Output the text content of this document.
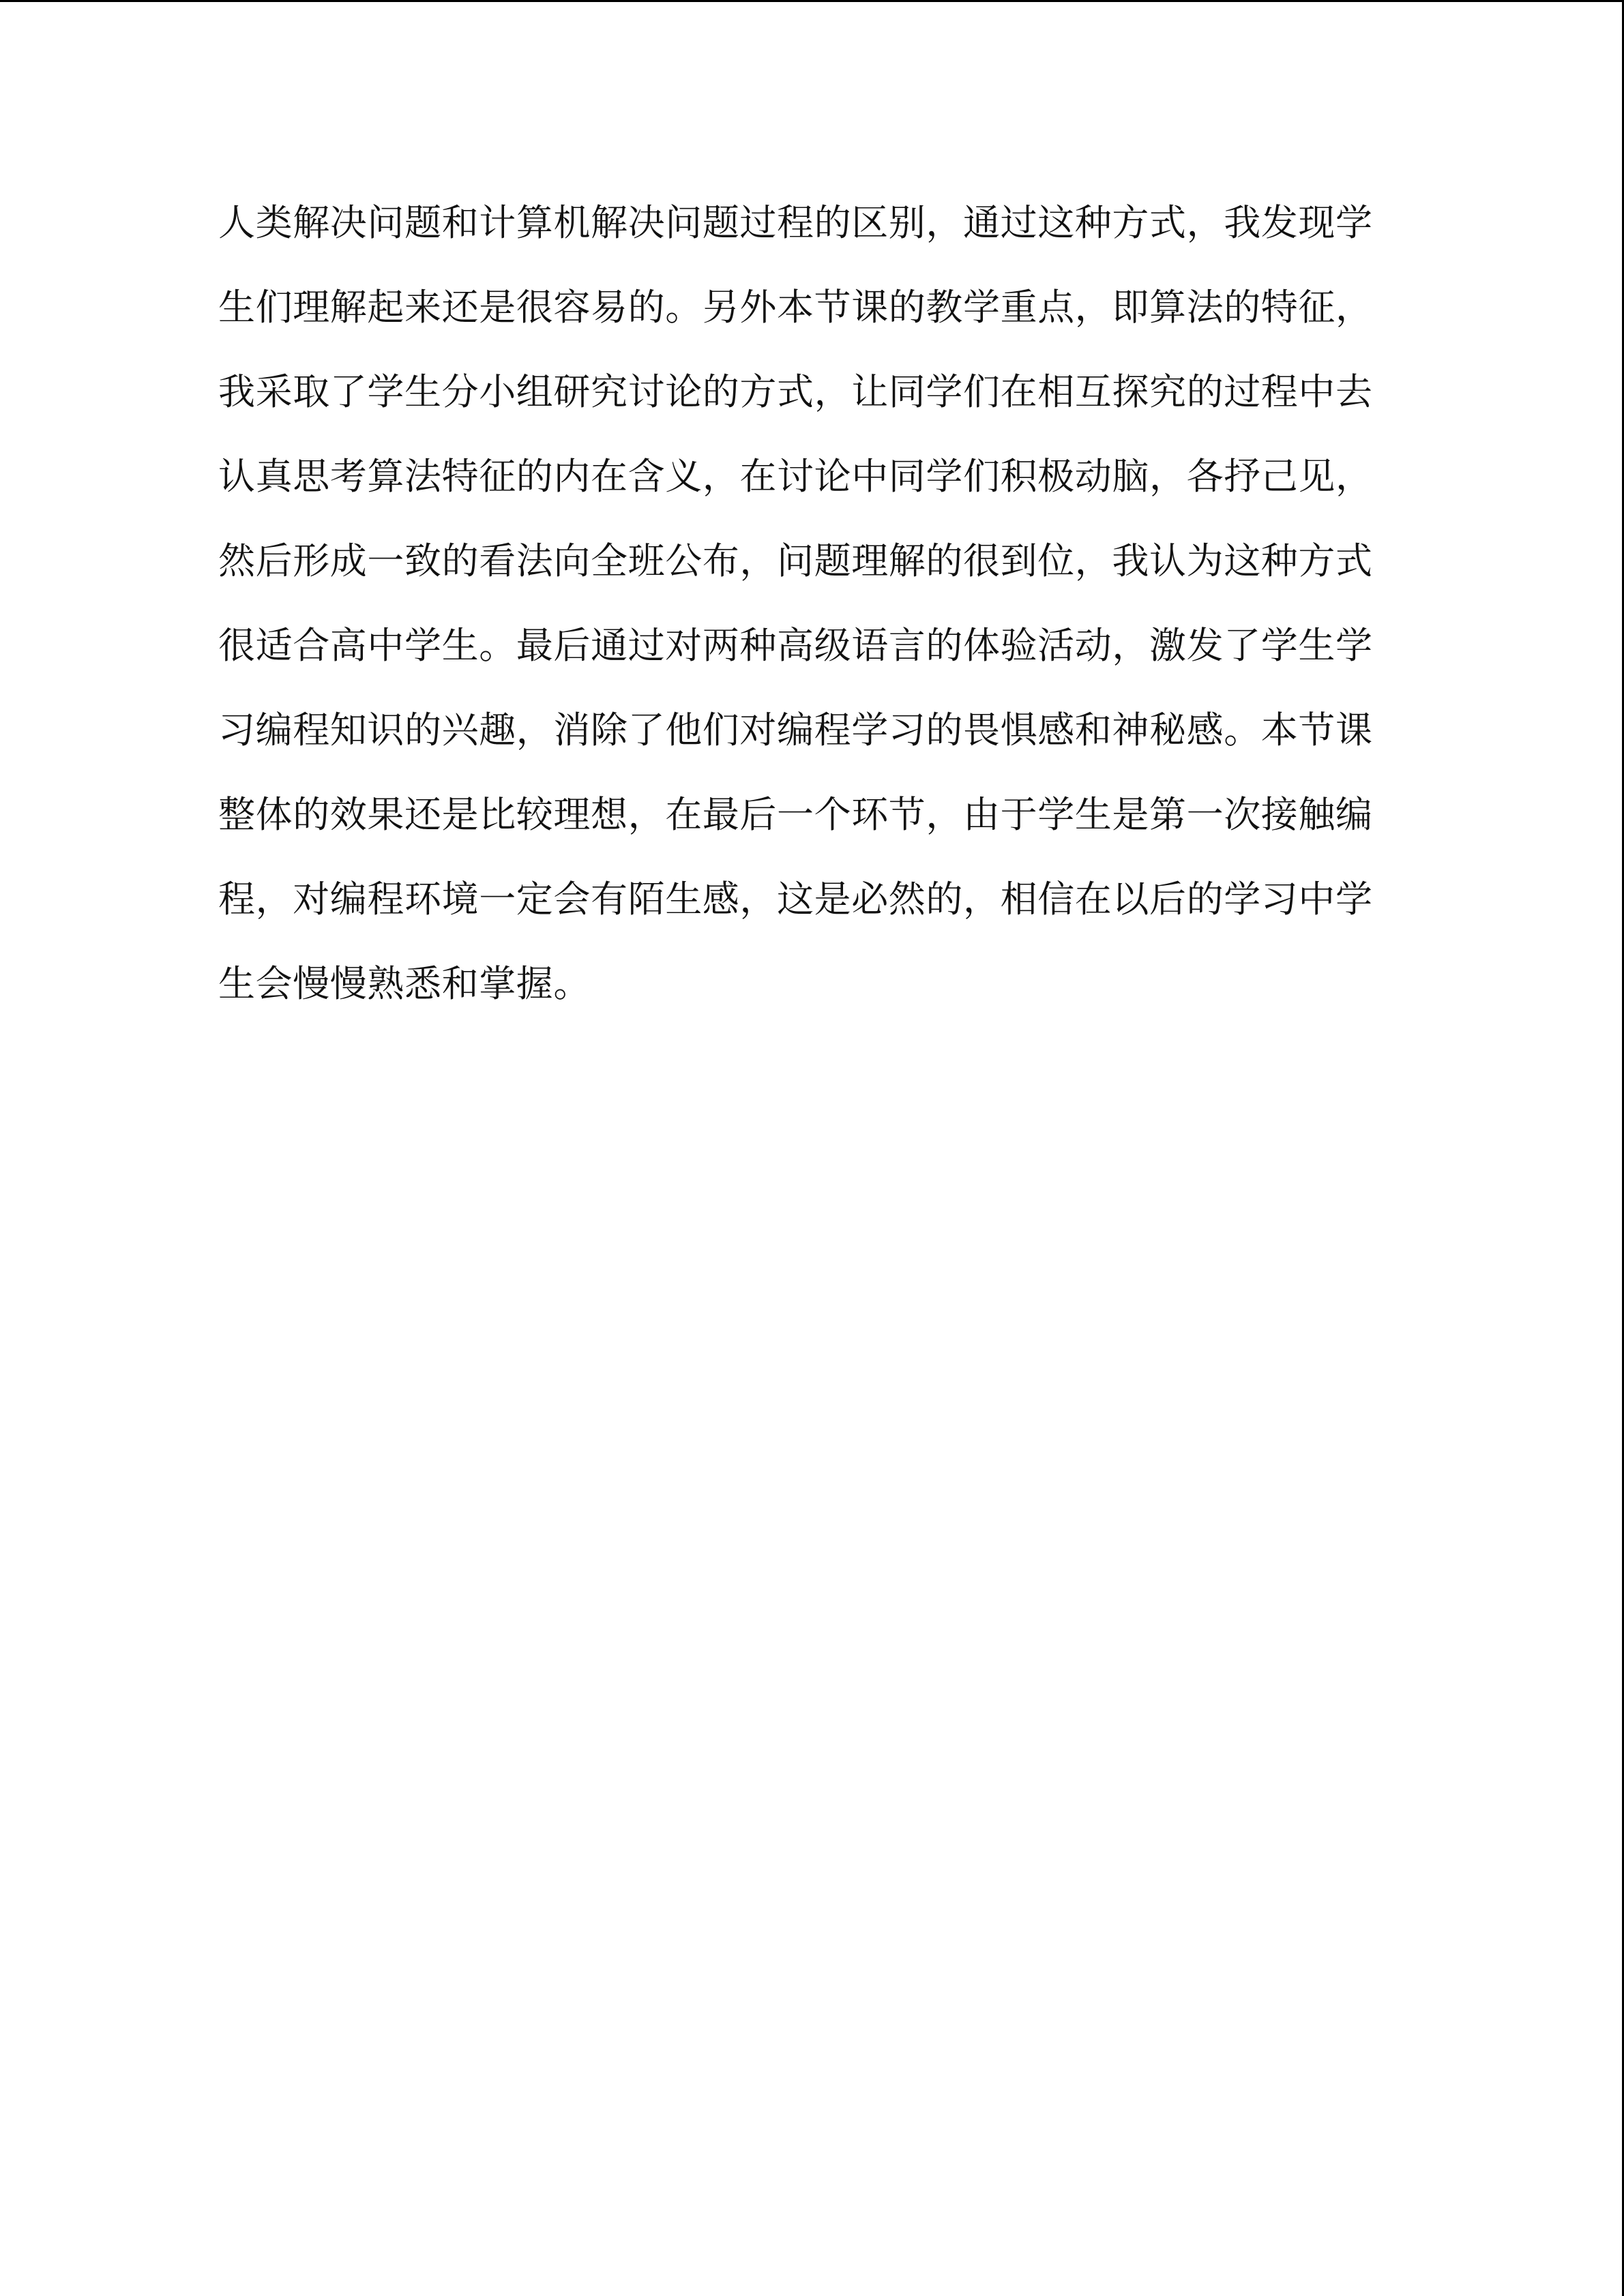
人类解决问题和计算机解决问题过程的区别，通过这种方式，我发现学
生们理解起来还是很容易的。另外本节课的教学重点，即算法的特征，
我采取了学生分小组研究讨论的方式，让同学们在相互探究的过程中去
认真思考算法特征的内在含义，在讨论中同学们积极动脑，各抒己见，
然后形成一致的看法向全班公布，问题理解的很到位，我认为这种方式
很适合高中学生。最后通过对两种高级语言的体验活动，激发了学生学
习编程知识的兴趣，消除了他们对编程学习的畏惧感和神秘感。本节课
整体的效果还是比较理想，在最后一个环节，由于学生是第一次接触编
程，对编程环境一定会有陌生感，这是必然的，相信在以后的学习中学
生会慢慢熟悉和掌握。
